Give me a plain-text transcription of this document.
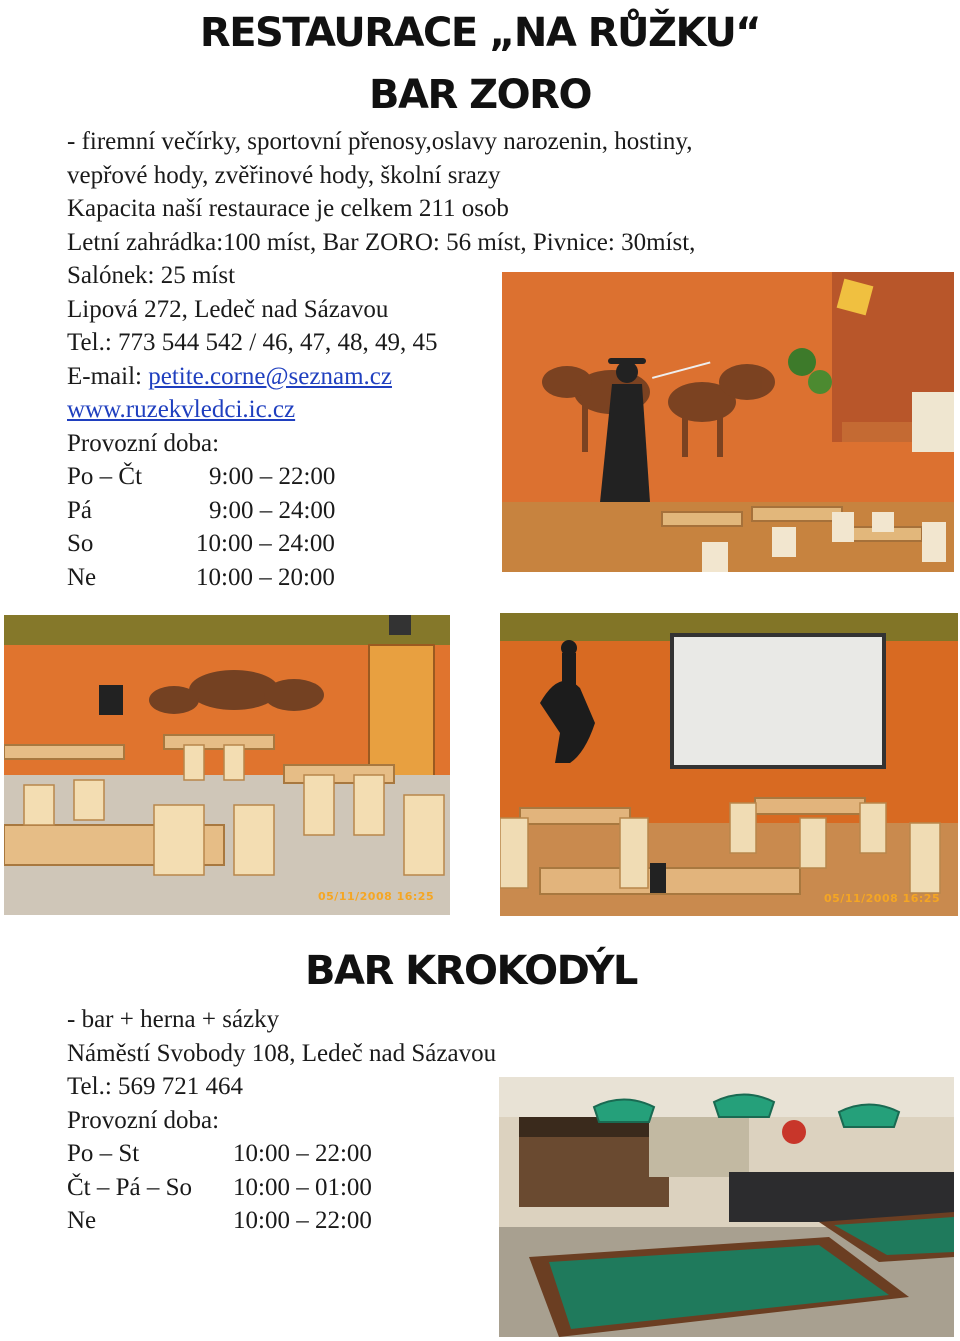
RESTAURACE „NA RŮŽKU“
BAR ZORO
- firemní večírky, sportovní přenosy,oslavy narozenin, hostiny,
vepřové hody, zvěřinové hody, školní srazy
Kapacita naší restaurace je celkem 211 osob
Letní zahrádka:100 míst, Bar ZORO: 56 míst, Pivnice: 30míst,
Salónek: 25 míst
Lipová 272, Ledeč nad Sázavou
Tel.: 773 544 542 / 46, 47, 48, 49, 45
E-mail: petite.corne@seznam.cz
www.ruzekvledci.ic.cz
Provozní doba:
Po – Čt	9:00 – 22:00
Pá	9:00 – 24:00
So	10:00 – 24:00
Ne	10:00 – 20:00
05/11/2008 16:25	05/11/2008 16:25
BAR KROKODÝL
- bar + herna + sázky
Náměstí Svobody 108, Ledeč nad Sázavou
Tel.: 569 721 464
Provozní doba:
Po – St	10:00 – 22:00
Čt – Pá – So 10:00 – 01:00
Ne	10:00 – 22:00
